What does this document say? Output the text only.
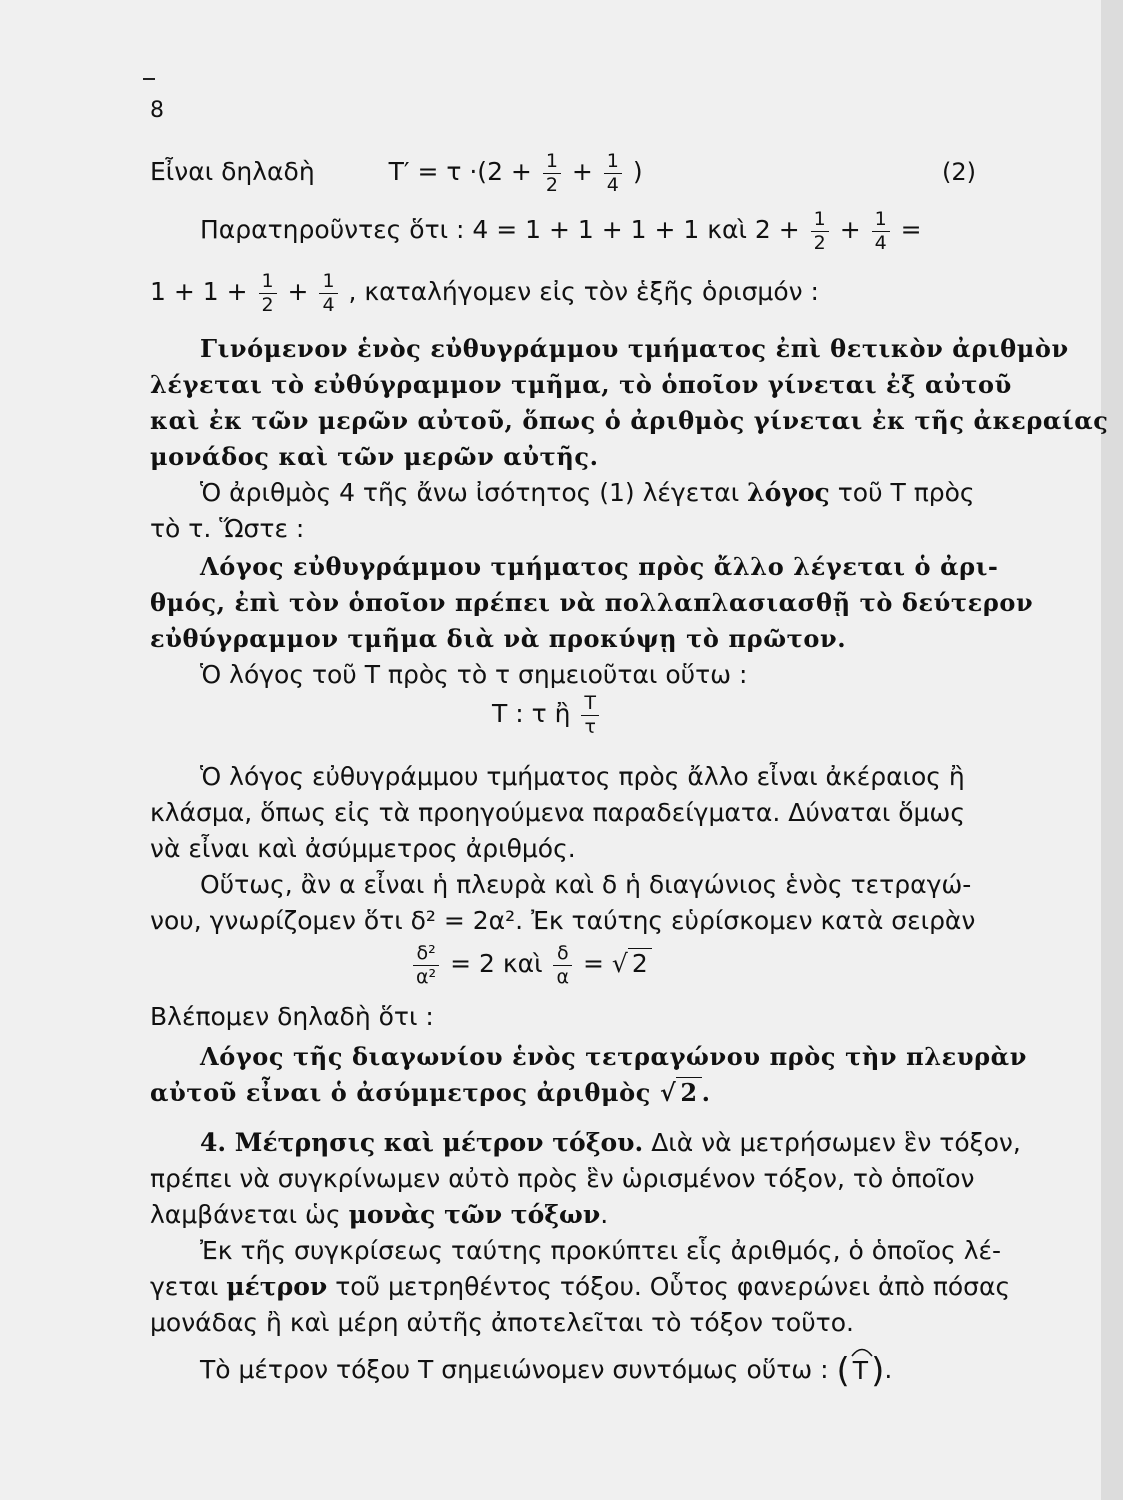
8
Εἶναι δηλαδὴ	$T' = \tau \cdot(2 + \frac{1}{2} + \frac{1}{4}$ )	(2)
Παρατηροῦντες ὅτι : 4 = 1 + 1 + 1 + 1 καὶ $2 + \frac{1}{2} + \frac{1}{4}$ =
$1 + 1 + \frac{1}{2} + \frac{1}{4}$ , καταλήγομεν εἰς τὸν ἑξῆς ὁρισμόν :
Γινόμενον ἑνὸς εὐθυγράμμου τμήματος ἐπὶ θετικὸν ἀριθμὸν
λέγεται τὸ εὐθύγραμμον τμῆμα, τὸ ὁποῖον γίνεται ἐξ αὐτοῦ
καὶ ἐκ τῶν μερῶν αὐτοῦ, ὅπως ὁ ἀριθμὸς γίνεται ἐκ τῆς ἀκεραίας
μονάδος καὶ τῶν μερῶν αὐτῆς.
Ὁ ἀριθμὸς 4 τῆς ἄνω ἰσότητος (1) λέγεται λόγος τοῦ T πρὸς
τὸ τ. Ὥστε :
Λόγος εὐθυγράμμου τμήματος πρὸς ἄλλο λέγεται ὁ ἀρι-
θμός, ἐπὶ τὸν ὁποῖον πρέπει νὰ πολλαπλασιασθῇ τὸ δεύτερον
εὐθύγραμμον τμῆμα διὰ νὰ προκύψῃ τὸ πρῶτον.
Ὁ λόγος τοῦ T πρὸς τὸ τ σημειοῦται οὕτω :
T : τ ἢ $\frac{T}{\tau}$
Ὁ λόγος εὐθυγράμμου τμήματος πρὸς ἄλλο εἶναι ἀκέραιος ἢ
κλάσμα, ὅπως εἰς τὰ προηγούμενα παραδείγματα. Δύναται ὅμως
νὰ εἶναι καὶ ἀσύμμετρος ἀριθμός.
Οὕτως, ἂν α εἶναι ἡ πλευρὰ καὶ δ ἡ διαγώνιος ἑνὸς τετραγώ-
νου, γνωρίζομεν ὅτι δ² = 2α². Ἐκ ταύτης εὑρίσκομεν κατὰ σειρὰν
$\frac{\text{δ²}}{\text{α²}} = 2$ καὶ $\frac{\delta}{\alpha}$ = √ 2
Βλέπομεν δηλαδὴ ὅτι :
Λόγος τῆς διαγωνίου ἑνὸς τετραγώνου πρὸς τὴν πλευρὰν
αὐτοῦ εἶναι ὁ ἀσύμμετρος ἀριθμὸς √ 2 .
4. Μέτρησις καὶ μέτρον τόξου. Διὰ νὰ μετρήσωμεν ἓν τόξον,
πρέπει νὰ συγκρίνωμεν αὐτὸ πρὸς ἓν ὡρισμένον τόξον, τὸ ὁποῖον
λαμβάνεται ὡς μονὰς τῶν τόξων.
Ἐκ τῆς συγκρίσεως ταύτης προκύπτει εἷς ἀριθμός, ὁ ὁποῖος λέ-
γεται μέτρον τοῦ μετρηθέντος τόξου. Οὗτος φανερώνει ἀπὸ πόσας
μονάδας ἢ καὶ μέρη αὐτῆς ἀποτελεῖται τὸ τόξον τοῦτο.
Τὸ μέτρον τόξου T σημειώνομεν συντόμως οὕτω : ( T).
